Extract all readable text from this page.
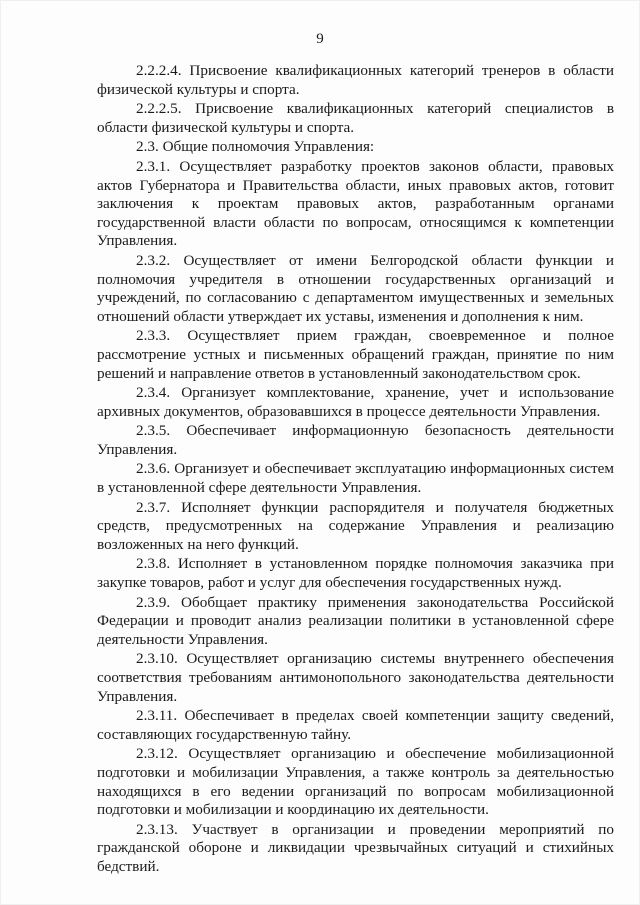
9

2.2.2.4. Присвоение квалификационных категорий тренеров в области физической культуры и спорта.

2.2.2.5. Присвоение квалификационных категорий специалистов в области физической культуры и спорта.

2.3. Общие полномочия Управления:

2.3.1. Осуществляет разработку проектов законов области, правовых актов Губернатора и Правительства области, иных правовых актов, готовит заключения к проектам правовых актов, разработанным органами государственной власти области по вопросам, относящимся к компетенции Управления.

2.3.2. Осуществляет от имени Белгородской области функции и полномочия учредителя в отношении государственных организаций и учреждений, по согласованию с департаментом имущественных и земельных отношений области утверждает их уставы, изменения и дополнения к ним.

2.3.3. Осуществляет прием граждан, своевременное и полное рассмотрение устных и письменных обращений граждан, принятие по ним решений и направление ответов в установленный законодательством срок.

2.3.4. Организует комплектование, хранение, учет и использование архивных документов, образовавшихся в процессе деятельности Управления.

2.3.5. Обеспечивает информационную безопасность деятельности Управления.

2.3.6. Организует и обеспечивает эксплуатацию информационных систем в установленной сфере деятельности Управления.

2.3.7. Исполняет функции распорядителя и получателя бюджетных средств, предусмотренных на содержание Управления и реализацию возложенных на него функций.

2.3.8. Исполняет в установленном порядке полномочия заказчика при закупке товаров, работ и услуг для обеспечения государственных нужд.

2.3.9. Обобщает практику применения законодательства Российской Федерации и проводит анализ реализации политики в установленной сфере деятельности Управления.

2.3.10. Осуществляет организацию системы внутреннего обеспечения соответствия требованиям антимонопольного законодательства деятельности Управления.

2.3.11. Обеспечивает в пределах своей компетенции защиту сведений, составляющих государственную тайну.

2.3.12. Осуществляет организацию и обеспечение мобилизационной подготовки и мобилизации Управления, а также контроль за деятельностью находящихся в его ведении организаций по вопросам мобилизационной подготовки и мобилизации и координацию их деятельности.

2.3.13. Участвует в организации и проведении мероприятий по гражданской обороне и ликвидации чрезвычайных ситуаций и стихийных бедствий.
